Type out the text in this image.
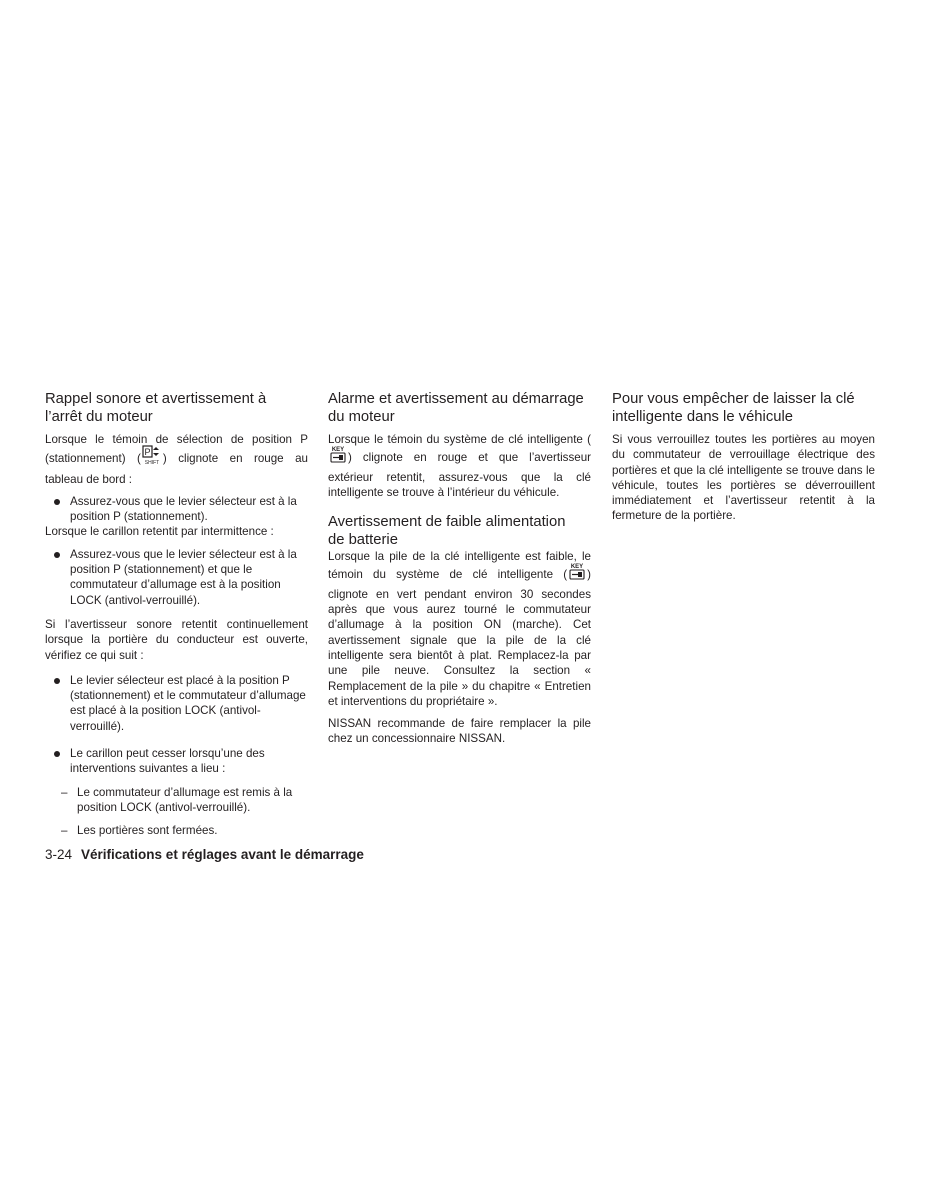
Rappel sonore et avertissement à
l’arrêt du moteur

Lorsque le témoin de sélection de position P (stationnement) (
P
SHIFT ) clignote en rouge au tableau de bord :

Assurez-vous que le levier sélecteur est à la position P (stationnement).

Lorsque le carillon retentit par intermittence :

Assurez-vous que le levier sélecteur est à la position P (stationnement) et que le commutateur d’allumage est à la position LOCK (antivol-verrouillé).

Si l’avertisseur sonore retentit continuellement lorsque la portière du conducteur est ouverte, vérifiez ce qui suit :

Le levier sélecteur est placé à la position P (stationnement) et le commutateur d’allumage est placé à la position LOCK (antivol-verrouillé).
Le carillon peut cesser lorsqu’une des interventions suivantes a lieu :
– Le commutateur d’allumage est remis à la position LOCK (antivol-verrouillé).
– Les portières sont fermées.
Alarme et avertissement au démarrage
du moteur

Lorsque le témoin du système de clé intelligente (
KEY
) clignote en rouge et que l’avertisseur extérieur retentit, assurez-vous que la clé intelligente se trouve à l’intérieur du véhicule.

Avertissement de faible alimentation
de batterie

Lorsque la pile de la clé intelligente est faible, le témoin du système de clé intelligente (
KEY
) clignote en vert pendant environ 30 secondes après que vous aurez tourné le commutateur d’allumage à la position ON (marche). Cet avertissement signale que la pile de la clé intelligente sera bientôt à plat. Remplacez-la par une pile neuve. Consultez la section « Remplacement de la pile » du chapitre « Entretien et interventions du propriétaire ».

NISSAN recommande de faire remplacer la pile chez un concessionnaire NISSAN.

Pour vous empêcher de laisser la clé
intelligente dans le véhicule

Si vous verrouillez toutes les portières au moyen du commutateur de verrouillage électrique des portières et que la clé intelligente se trouve dans le véhicule, toutes les portières se déverrouillent immédiatement et l’avertisseur retentit à la fermeture de la portière.

3-24 Vérifications et réglages avant le démarrage
